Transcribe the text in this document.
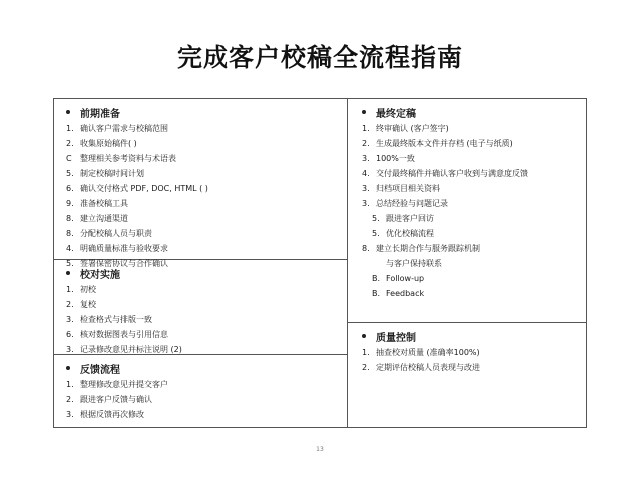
完成客户校稿全流程指南
前期准备
1. 确认客户需求与校稿范围
2. 收集原始稿件( )
C	整理相关参考资料与术语表
5. 制定校稿时间计划
6. 确认交付格式 PDF, DOC, HTML ( )
9. 准备校稿工具
8. 建立沟通渠道
8. 分配校稿人员与职责
4. 明确质量标准与验收要求
5. 签署保密协议与合作确认
校对实施
1. 初校
2. 复校
3. 检查格式与排版一致
6. 核对数据图表与引用信息
3. 记录修改意见并标注说明 (2)
反馈流程
1. 整理修改意见并提交客户
2. 跟进客户反馈与确认
3. 根据反馈再次修改
最终定稿
1. 终审确认 (客户签字)
2. 生成最终版本文件并存档 (电子与纸质)
3. 100%一致
4. 交付最终稿件并确认客户收到与满意度反馈
3. 归档项目相关资料
3. 总结经验与问题记录
5. 跟进客户回访
5. 优化校稿流程
8. 建立长期合作与服务跟踪机制
与客户保持联系
B. Follow-up
B. Feedback
质量控制
1. 抽查校对质量 (准确率100%)
2. 定期评估校稿人员表现与改进
13
